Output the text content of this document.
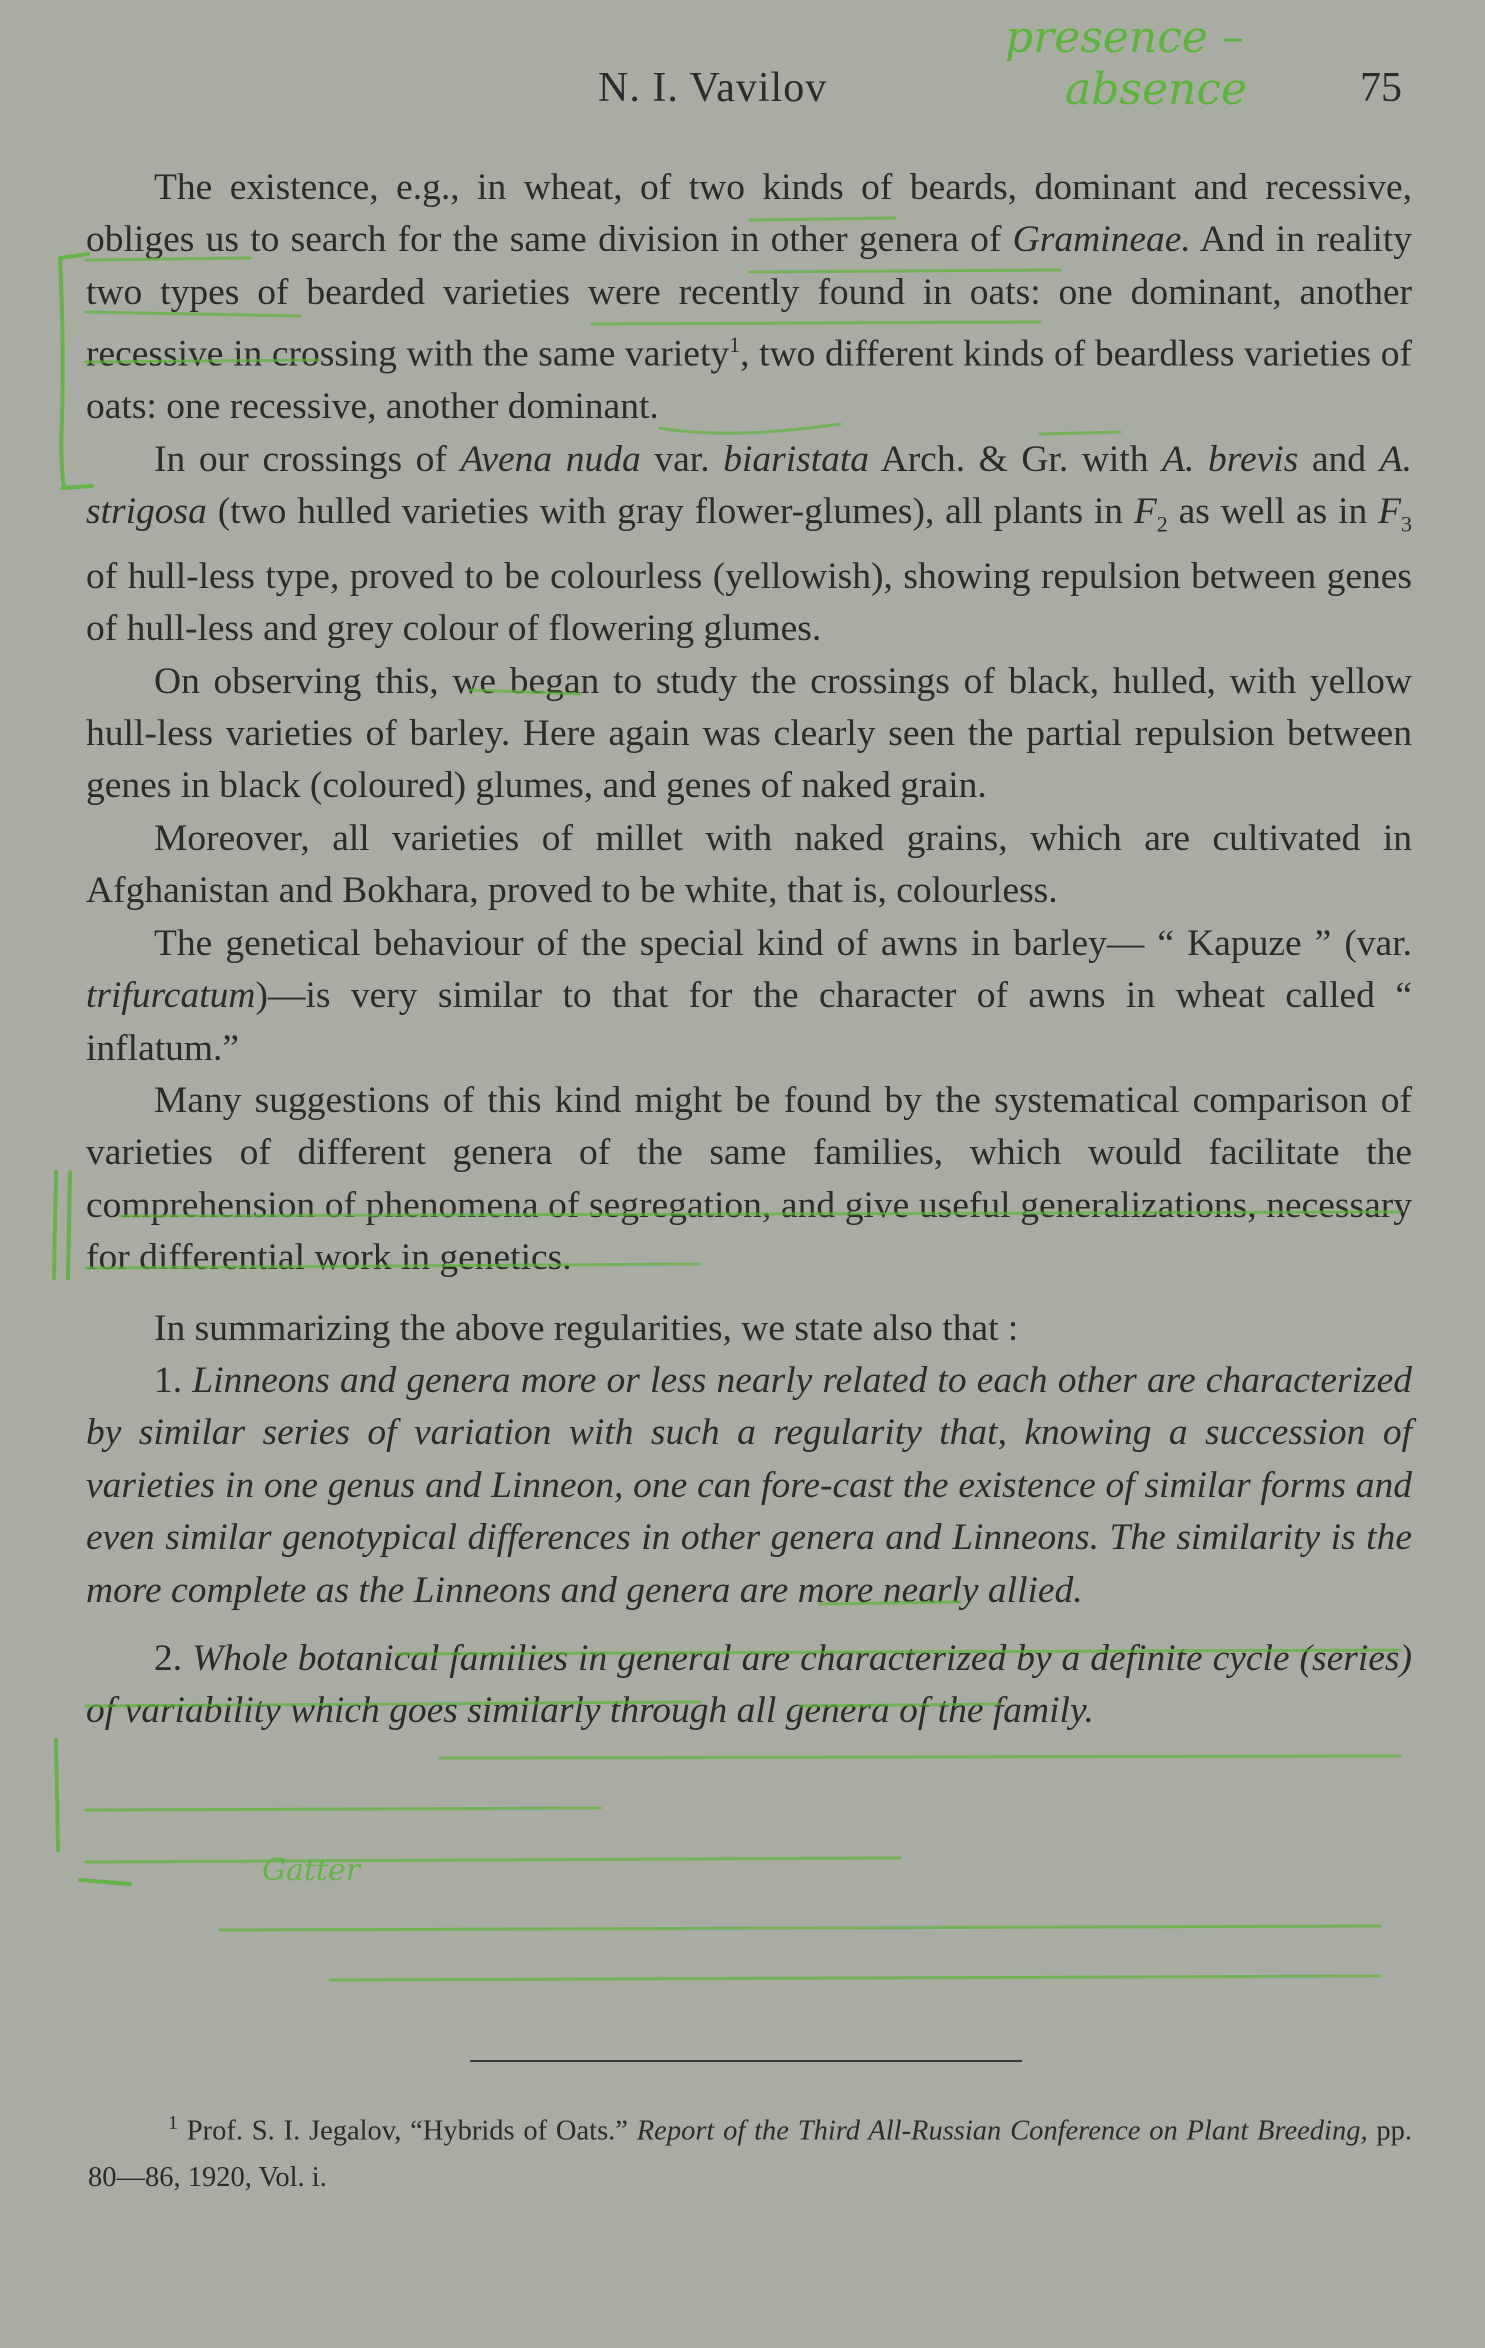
N. I. Vavilov	75
presence –
absence

The existence, e.g., in wheat, of two kinds of beards, dominant and recessive, obliges us to search for the same division in other genera of Gramineae. And in reality two types of bearded varieties were recently found in oats: one dominant, another recessive in crossing with the same variety$^1$, two different kinds of beardless varieties of oats: one recessive, another dominant.

In our crossings of Avena nuda var. biaristata Arch. & Gr. with A. brevis and A. strigosa (two hulled varieties with gray flower-glumes), all plants in $F_2$ as well as in $F_3$ of hull-less type, proved to be colourless (yellowish), showing repulsion between genes of hull-less and grey colour of flowering glumes.

On observing this, we began to study the crossings of black, hulled, with yellow hull-less varieties of barley. Here again was clearly seen the partial repulsion between genes in black (coloured) glumes, and genes of naked grain.

Moreover, all varieties of millet with naked grains, which are cultivated in Afghanistan and Bokhara, proved to be white, that is, colourless.

The genetical behaviour of the special kind of awns in barley— “ Kapuze ” (var. trifurcatum)—is very similar to that for the character of awns in wheat called “ inflatum.”

Many suggestions of this kind might be found by the systematical comparison of varieties of different genera of the same families, which would facilitate the comprehension of phenomena of segregation, and give useful generalizations, necessary for differential work in genetics.

In summarizing the above regularities, we state also that :

1. Linneons and genera more or less nearly related to each other are characterized by similar series of variation with such a regularity that, knowing a succession of varieties in one genus and Linneon, one can fore-cast the existence of similar forms and even similar genotypical differences in other genera and Linneons. The similarity is the more complete as the Linneons and genera are more nearly allied.

2. Whole botanical families in general are characterized by a definite cycle (series) of variability which goes similarly through all genera of the family.

$^1$ Prof. S. I. Jegalov, “Hybrids of Oats.” Report of the Third All-Russian Conference on Plant Breeding, pp. 80—86, 1920, Vol. i.
Gatter
